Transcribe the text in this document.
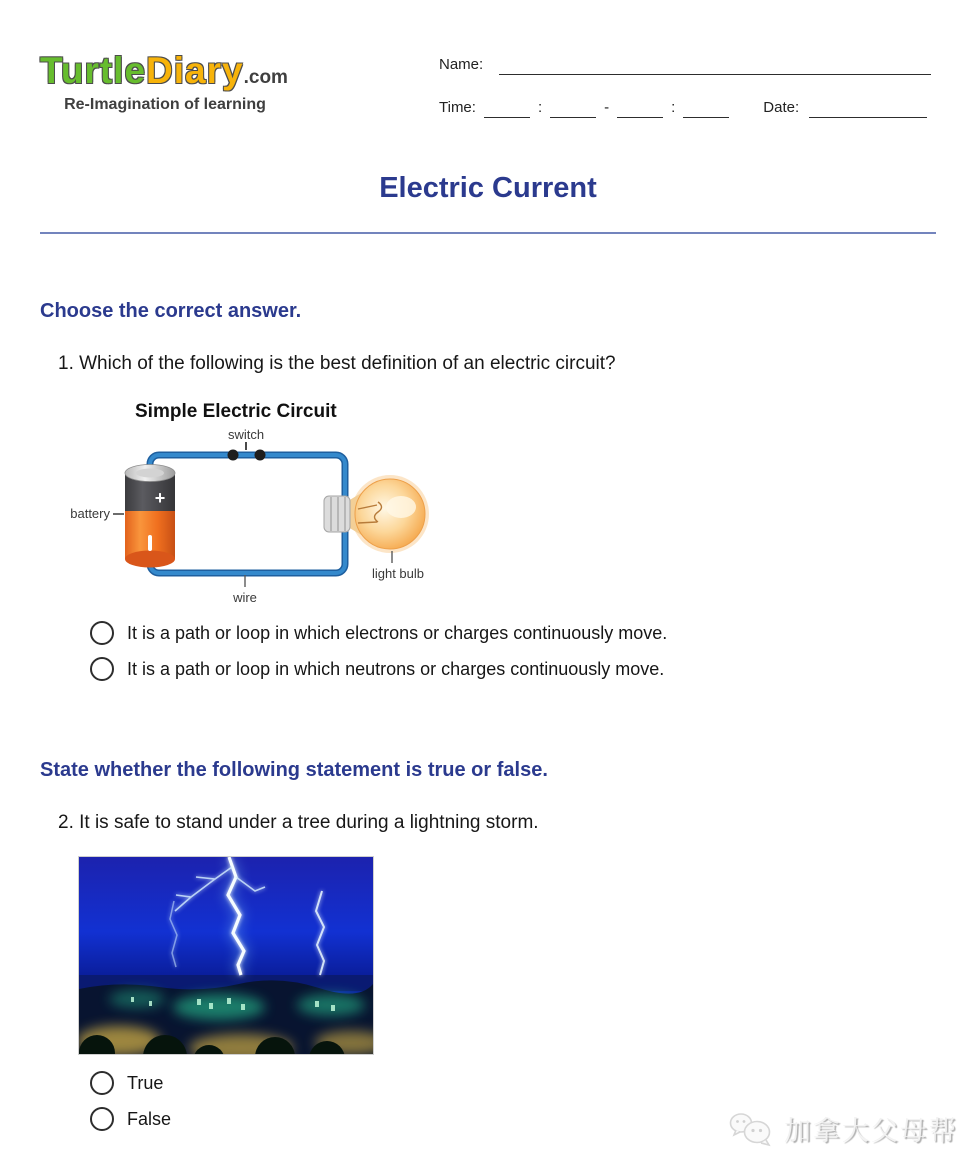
TurtleDiary.com
Re-Imagination of learning
Name:
Time:	:	-	:	Date:
Electric Current
Choose the correct answer.
1. Which of the following is the best definition of an electric circuit?
Simple Electric Circuit
switch
+
battery
light bulb
wire
It is a path or loop in which electrons or charges continuously move.
It is a path or loop in which neutrons or charges continuously move.
State whether the following statement is true or false.
2. It is safe to stand under a tree during a lightning storm.
True
False	加拿大父母帮
